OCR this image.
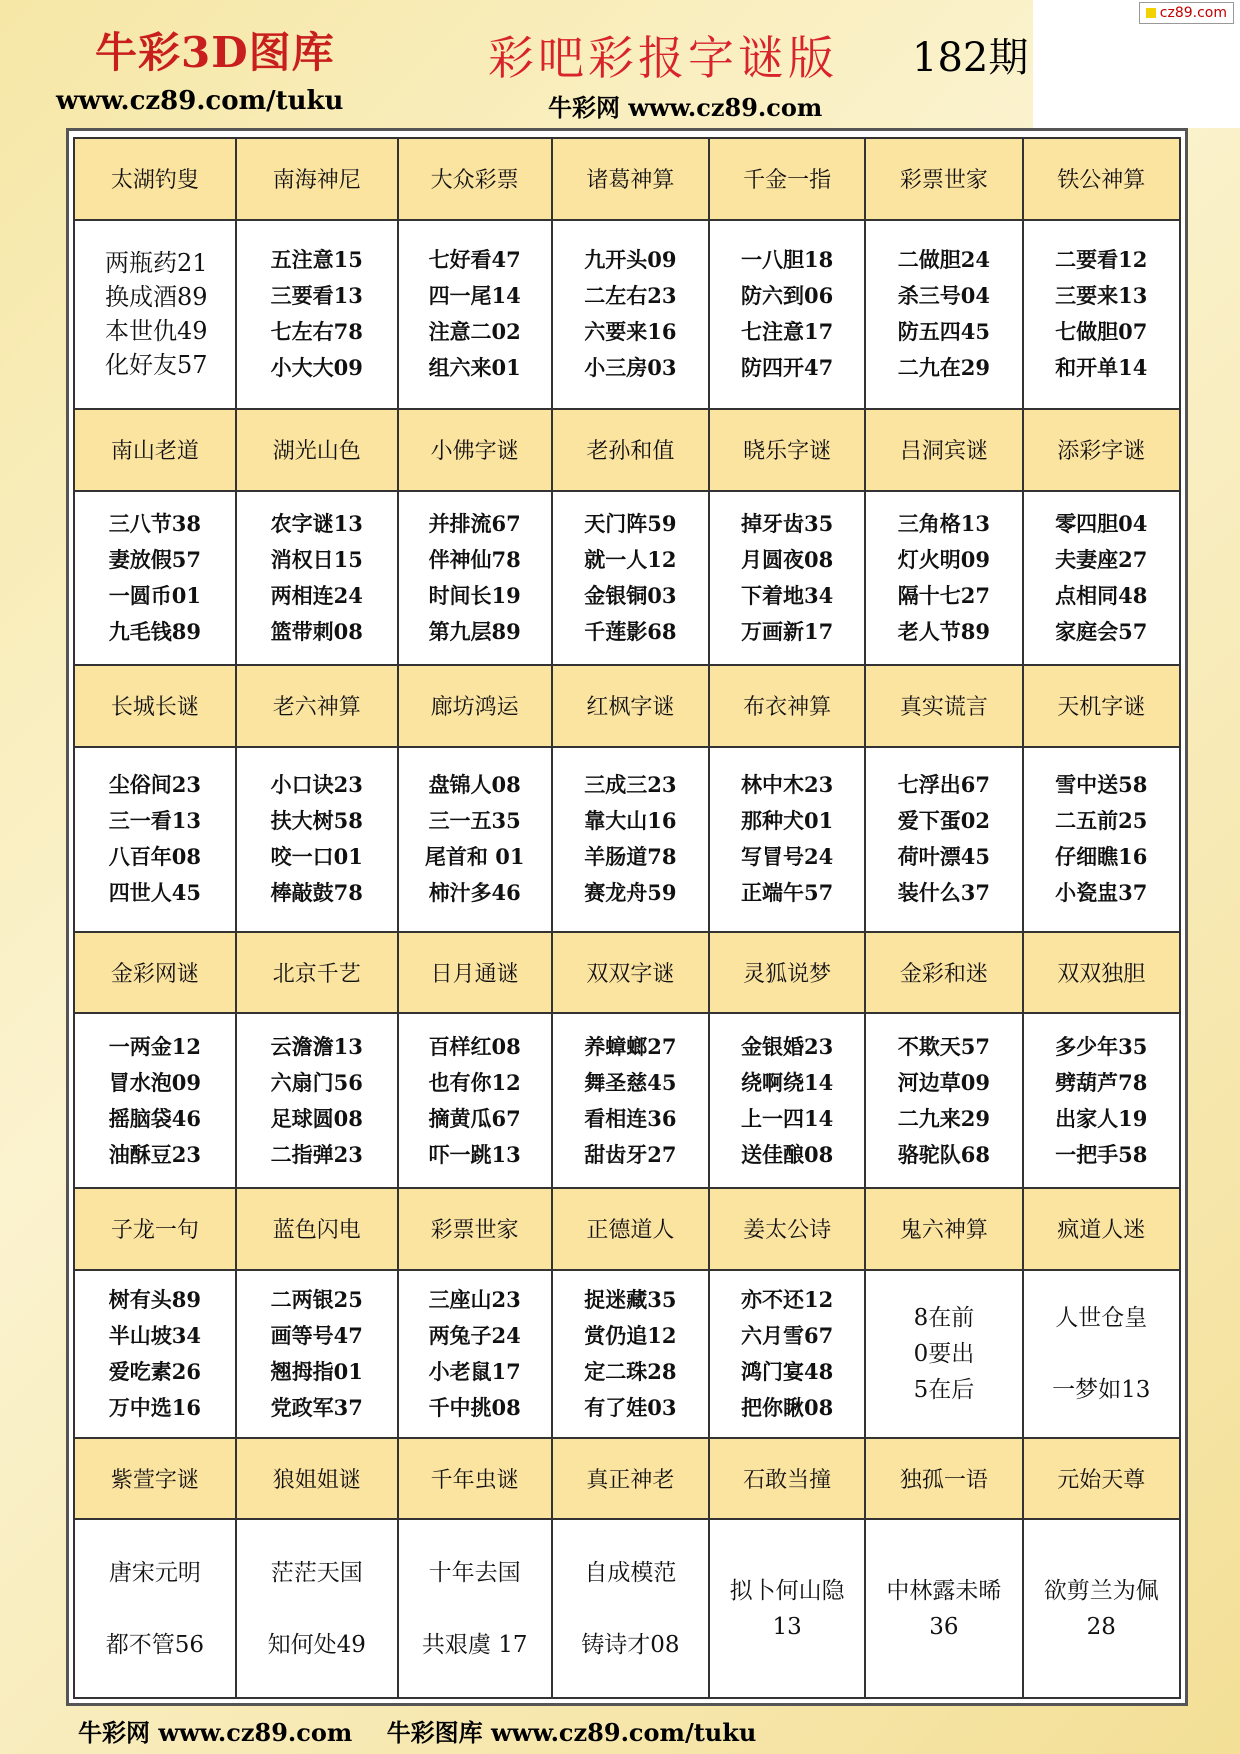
cz89.com
牛彩3D图库
www.cz89.com/tuku
彩吧彩报字谜版 182期
牛彩网 www.cz89.com
太湖钓叟	南海神尼	大众彩票	诸葛神算	千金一指	彩票世家	铁公神算

两瓶药21
换成酒89
本世仇49
化好友57	五注意15
三要看13
七左右78
小大大09	七好看47
四一尾14
注意二02
组六来01	九开头09
二左右23
六要来16
小三房03	一八胆18
防六到06
七注意17
防四开47	二做胆24
杀三号04
防五四45
二九在29	二要看12
三要来13
七做胆07
和开单14

南山老道	湖光山色	小佛字谜	老孙和值	晓乐字谜	吕洞宾谜	添彩字谜

三八节38
妻放假57
一圆币01
九毛钱89	农字谜13
消权日15
两相连24
篮带刺08	并排流67
伴神仙78
时间长19
第九层89	天门阵59
就一人12
金银铜03
千莲影68	掉牙齿35
月圆夜08
下着地34
万画新17	三角格13
灯火明09
隔十七27
老人节89	零四胆04
夫妻座27
点相同48
家庭会57

长城长谜	老六神算	廊坊鸿运	红枫字谜	布衣神算	真实谎言	天机字谜

尘俗间23
三一看13
八百年08
四世人45	小口诀23
扶大树58
咬一口01
棒敲鼓78	盘锦人08
三一五35
尾首和 01
柿汁多46	三成三23
靠大山16
羊肠道78
赛龙舟59	林中木23
那种犬01
写冒号24
正端午57	七浮出67
爱下蛋02
荷叶漂45
装什么37	雪中送58
二五前25
仔细瞧16
小瓷盅37

金彩网谜	北京千艺	日月通谜	双双字谜	灵狐说梦	金彩和迷	双双独胆

一两金12
冒水泡09
摇脑袋46
油酥豆23	云澹澹13
六扇门56
足球圆08
二指弹23	百样红08
也有你12
摘黄瓜67
吓一跳13	养蟑螂27
舞圣慈45
看相连36
甜齿牙27	金银婚23
绕啊绕14
上一四14
送佳酿08	不欺天57
河边草09
二九来29
骆驼队68	多少年35
劈葫芦78
出家人19
一把手58

子龙一句	蓝色闪电	彩票世家	正德道人	姜太公诗	鬼六神算	疯道人迷

树有头89
半山坡34
爱吃素26
万中选16	二两银25
画等号47
翘拇指01
党政军37	三座山23
两兔子24
小老鼠17
千中挑08	捉迷藏35
赏仍追12
定二珠28
有了娃03	亦不还12
六月雪67
鸿门宴48
把你瞅08	8在前
0要出
5在后	人世仓皇
一梦如13

紫萱字谜	狼姐姐谜	千年虫谜	真正神老	石敢当撞	独孤一语	元始天尊

唐宋元明
都不管56	茫茫天国
知何处49	十年去国
共艰虞 17	自成模范
铸诗才08	拟卜何山隐
13	中林露未晞
36	欲剪兰为佩
28
牛彩网 www.cz89.com 牛彩图库 www.cz89.com/tuku
